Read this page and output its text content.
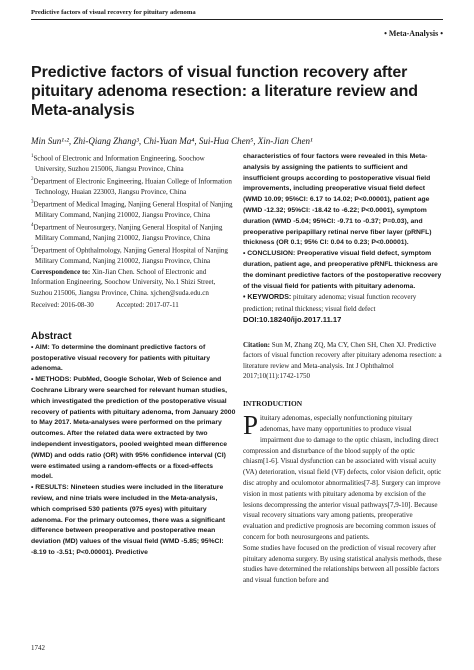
Predictive factors of visual recovery for pituitary adenoma
• Meta-Analysis •
Predictive factors of visual function recovery after pituitary adenoma resection: a literature review and Meta-analysis
Min Sun¹·², Zhi-Qiang Zhang³, Chi-Yuan Ma⁴, Sui-Hua Chen⁵, Xin-Jian Chen¹
$^1$School of Electronic and Information Engineering, Soochow University, Suzhou 215006, Jiangsu Province, China
$^2$Department of Electronic Engineering, Huaian College of Information Technology, Huaian 223003, Jiangsu Province, China
$^3$Department of Medical Imaging, Nanjing General Hospital of Nanjing Military Command, Nanjing 210002, Jiangsu Province, China
$^4$Department of Neurosurgery, Nanjing General Hospital of Nanjing Military Command, Nanjing 210002, Jiangsu Province, China
$^5$Department of Ophthalmology, Nanjing General Hospital of Nanjing Military Command, Nanjing 210002, Jiangsu Province, China
Correspondence to: Xin-Jian Chen. School of Electronic and Information Engineering, Soochow University, No.1 Shizi Street, Suzhou 215006, Jiangsu Province, China. xjchen@suda.edu.cn
Received: 2016-08-30	Accepted: 2017-07-11
Abstract
• AIM: To determine the dominant predictive factors of postoperative visual recovery for patients with pituitary adenoma.
• METHODS: PubMed, Google Scholar, Web of Science and Cochrane Library were searched for relevant human studies, which investigated the prediction of the postoperative visual recovery of patients with pituitary adenoma, from January 2000 to May 2017. Meta-analyses were performed on the primary outcomes. After the related data were extracted by two independent investigators, pooled weighted mean difference (WMD) and odds ratio (OR) with 95% confidence interval (CI) were estimated using a random-effects or a fixed-effects model.
• RESULTS: Nineteen studies were included in the literature review, and nine trials were included in the Meta-analysis, which comprised 530 patients (975 eyes) with pituitary adenoma. For the primary outcomes, there was a significant difference between preoperative and postoperative mean deviation (MD) values of the visual field (WMD -5.85; 95%CI: -8.19 to -3.51; P<0.00001). Predictive
characteristics of four factors were revealed in this Meta-analysis by assigning the patients to sufficient and insufficient groups according to postoperative visual field improvements, including preoperative visual field defect (WMD 10.09; 95%CI: 6.17 to 14.02; P<0.00001), patient age (WMD -12.32; 95%CI: -18.42 to -6.22; P<0.0001), symptom duration (WMD -5.04; 95%CI: -9.71 to -0.37; P=0.03), and preoperative peripapillary retinal nerve fiber layer (pRNFL) thickness (OR 0.1; 95% CI: 0.04 to 0.23; P<0.00001).
• CONCLUSION: Preoperative visual field defect, symptom duration, patient age, and preoperative pRNFL thickness are the dominant predictive factors of the postoperative recovery of the visual field for patients with pituitary adenoma.
• KEYWORDS: pituitary adenoma; visual function recovery prediction; retinal thickness; visual field defect
DOI:10.18240/ijo.2017.11.17
Citation: Sun M, Zhang ZQ, Ma CY, Chen SH, Chen XJ. Predictive factors of visual function recovery after pituitary adenoma resection: a literature review and Meta-analysis. Int J Ophthalmol 2017;10(11):1742-1750
INTRODUCTION
Pituitary adenomas, especially nonfunctioning pituitary adenomas, have many opportunities to produce visual impairment due to damage to the optic chiasm, including direct compression and disturbance of the blood supply of the optic chiasm[1-6]. Visual dysfunction can be associated with visual acuity (VA) deterioration, visual field (VF) defects, color vision deficit, optic disc atrophy and oculomotor abnormalities[7-8]. Surgery can improve vision in most patients with pituitary adenoma by excision of the lesions decompressing the anterior visual pathways[7,9-10]. Because visual recovery situations vary among patients, preoperative evaluation and predictive prognosis are becoming common issues of concern for both neurosurgeons and patients.
Some studies have focused on the prediction of visual recovery after pituitary adenoma surgery. By using statistical analysis methods, these studies have determined the relationships between all possible factors and visual function before and
1742
